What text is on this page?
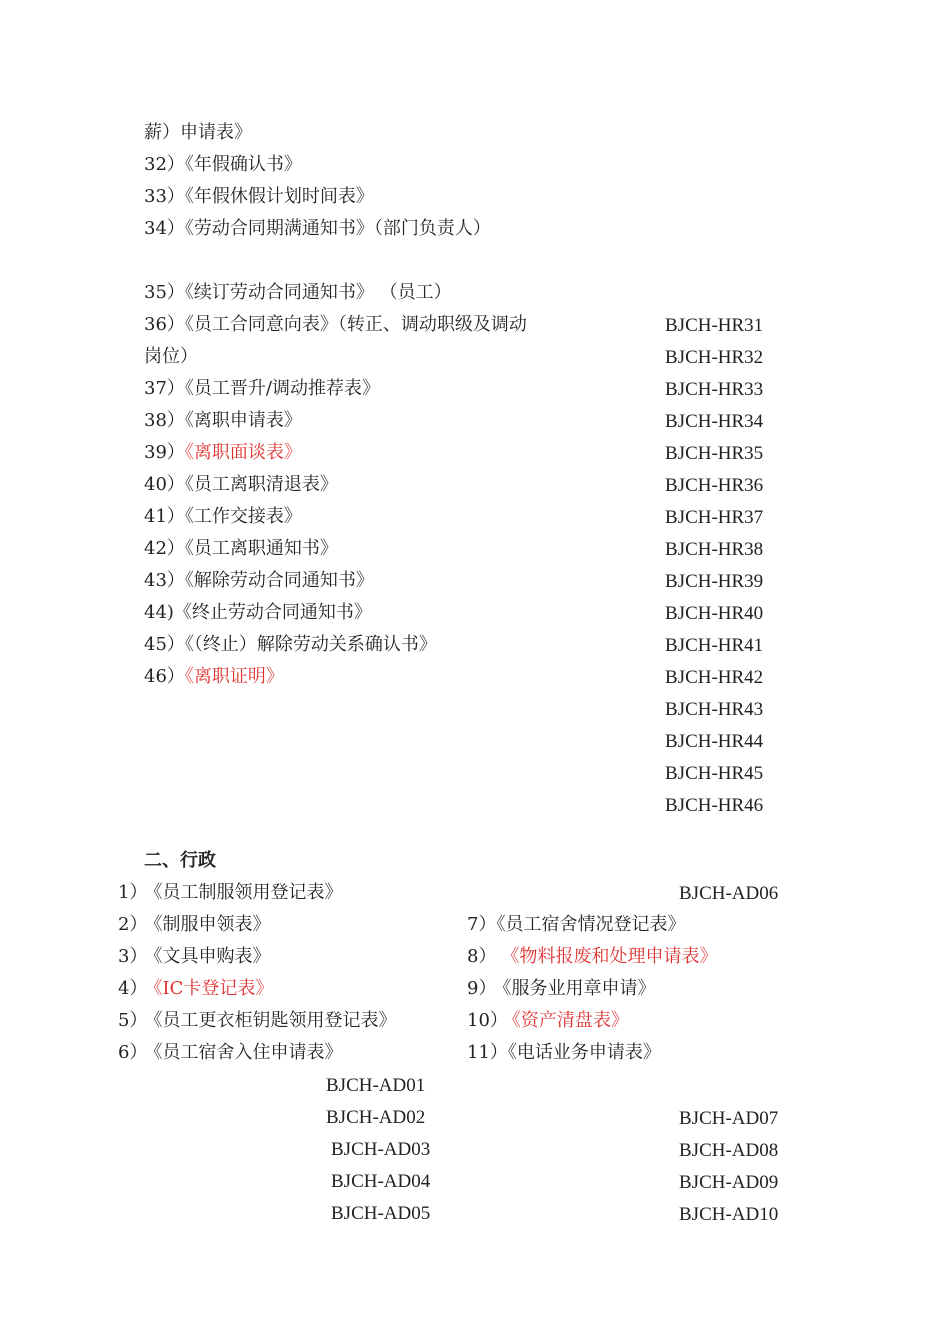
薪）申请表》
32）《年假确认书》
33）《年假休假计划时间表》
34）《劳动合同期满通知书》（部门负责人）
35）《续订劳动合同通知书》 （员工）
36）《员工合同意向表》（转正、调动职级及调动
岗位）
37）《员工晋升/调动推荐表》
38）《离职申请表》
39）《离职面谈表》
40）《员工离职清退表》
41）《工作交接表》
42）《员工离职通知书》
43）《解除劳动合同通知书》
44)《终止劳动合同通知书》
45）《（终止）解除劳动关系确认书》
46）《离职证明》
BJCH-HR31
BJCH-HR32
BJCH-HR33
BJCH-HR34
BJCH-HR35
BJCH-HR36
BJCH-HR37
BJCH-HR38
BJCH-HR39
BJCH-HR40
BJCH-HR41
BJCH-HR42
BJCH-HR43
BJCH-HR44
BJCH-HR45
BJCH-HR46
二、行政
1） 《员工制服领用登记表》
2） 《制服申领表》
3） 《文具申购表》
4） 《IC卡登记表》
5） 《员工更衣柜钥匙领用登记表》
6） 《员工宿舍入住申请表》
BJCH-AD06
7）《员工宿舍情况登记表》
8） 《物料报废和处理申请表》
9） 《服务业用章申请》
10） 《资产清盘表》
11）《电话业务申请表》
BJCH-AD01
BJCH-AD02
BJCH-AD03
BJCH-AD04
BJCH-AD05
BJCH-AD07
BJCH-AD08
BJCH-AD09
BJCH-AD10
